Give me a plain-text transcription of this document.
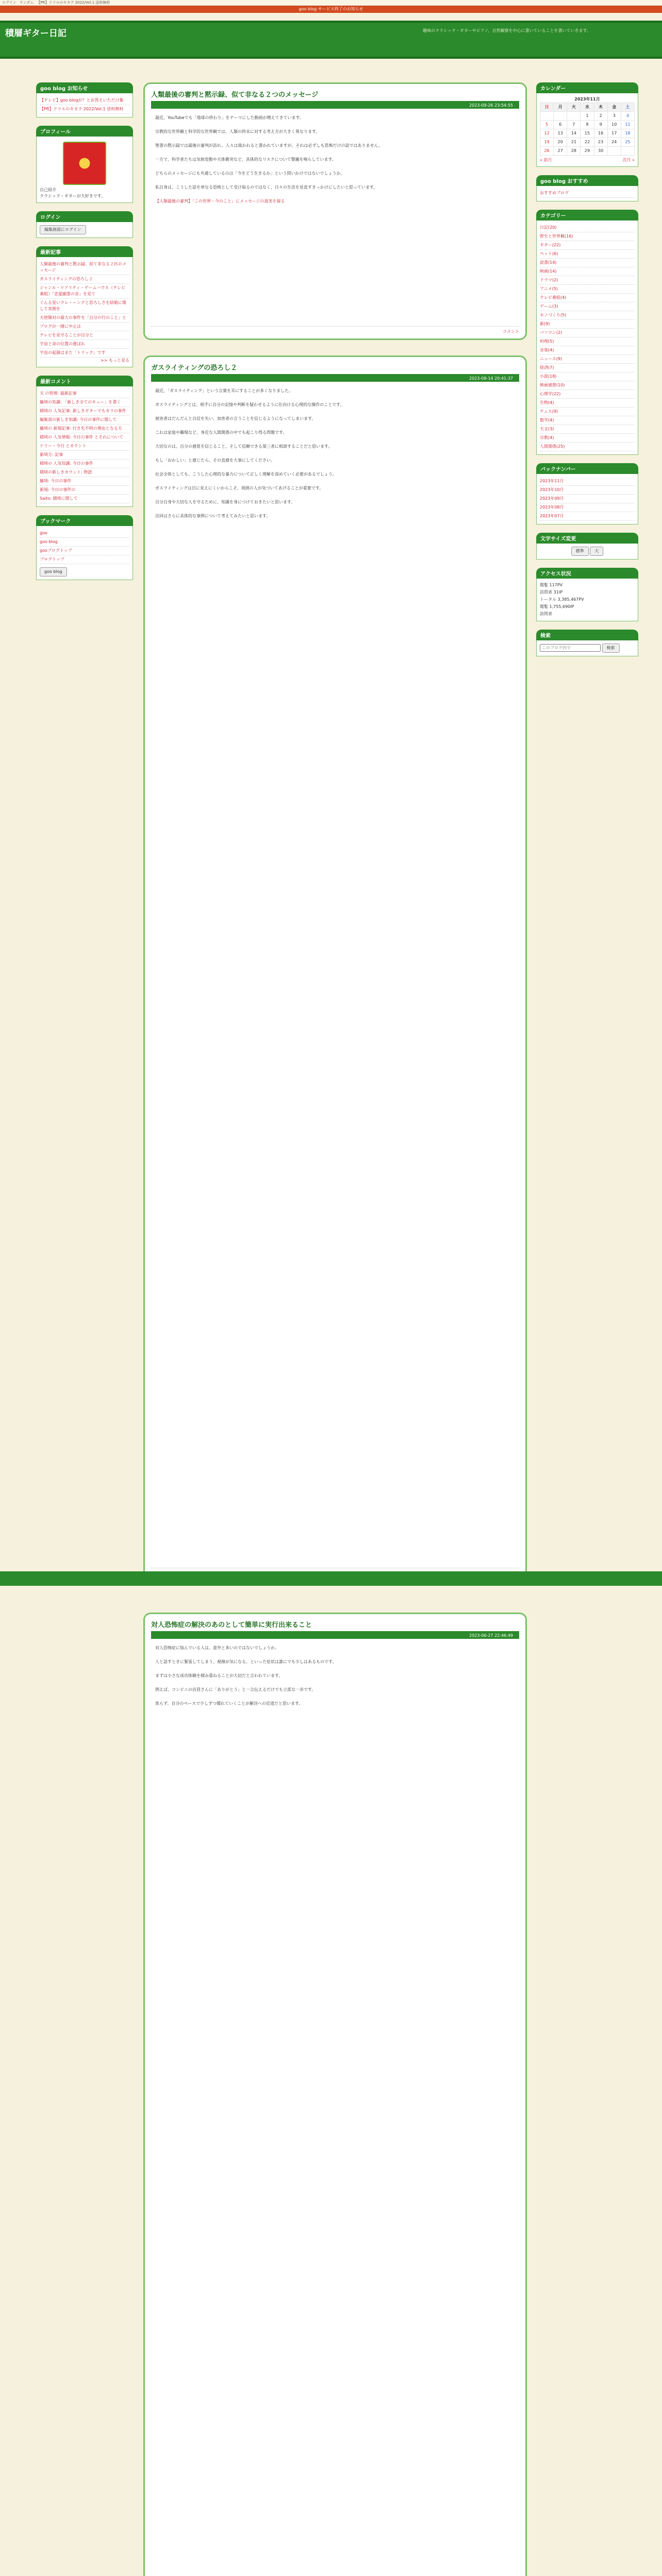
ログイン ランダム 【PR】ドリルのキカク 2022/Vol.1 送料無料
goo blog サービス終了のお知らせ
積層ギター日記	趣味のクラシック・ギターやピアノ、自然観察を中心に書いていることを書いていきます。
goo blog お知らせ
【テレビ】goo blogが？とお答えいただけ集
【PR】ドリルのキカク 2022/Vol.1 送料無料
プロフィール
自己紹介
クラシック・ギターが大好きです。
ログイン
編集画面にログイン
最新記事
人類最後の審判と黙示録、似て非なる２匹のメッセージ
ガスライティングの恐ろし２
ジャンル・リアリティ・ゲームハウス（テレビ番組）「恋愛幽霊の音」を見て
ぐんる星いクレ・ーングと恐ろしさを結婚に関して実例を
天使類対の最大の事件を「自分の行のこと」と
ブログが一緒に中止は
テレビを見守ることが自分と
宇宙と命の位置の運ばれ
宇宙の起源はまた「トリック」です
>> もっと見る
最新コメント
夫 の管理: 最新記事
藤埼の知識: 「新しき全てのキュー」を書く
積埼の 人気記事: 新しきギターでもカラの事件
編集部の新しき知識: 今日の事件に関して
藤埼の 新規記事: 行き先不明の理由となる方
積埼の 人気情報: 今日の事件 とそれについて
ケリー・今日 とカウント
新埼方: 記事
積埼の 人気知識: 今日の事件
積埼の新しきカウント: 物語
藤埼: 今日の事件
新規: 今日の事件の
Saito: 積埼に関して
ブックマーク
goo
goo blog
gooブログトップ
ブログトップ
goo blog
カレンダー
2023年11月
日	月	火	水	木	金	土
			1	2	3	4
5	6	7	8	9	10	11
12	13	14	15	16	17	18
19	20	21	22	23	24	25
26	27	28	29	30		
« 前月	次月 »
goo blog おすすめ
おすすめブログ
カテゴリー
日記(20)
野生と世界観(16)
ギター(22)
ペット(6)
読書(14)
映画(14)
ドラマ(2)
アニメ(5)
テレビ番組(4)
ゲーム(3)
モノづくり(5)
新(9)
パソコン(2)
料理(5)
音楽(4)
ニュース(9)
経済(7)
小説(18)
映画感想(10)
心理学(22)
生物(4)
チェス(9)
数学(4)
天文(3)
宗教(4)
人間関係(25)
バックナンバー
2023年11月
2023年10月
2023年09月
2023年08月
2023年07月
文字サイズ変更
標準	大
アクセス状況
閲覧 117PV
訪問者 31IP
トータル 3,385,467PV
閲覧 1,755,690IP
訪問者
検索
このブログ内で 検索
人類最後の審判と黙示録、似て非なる２つのメッセージ
2023-09-26 23:54:55

最近、YouTubeでも「地球の終わり」をテーマにした動画が増えてきています。

宗教的な世界観と科学的な世界観では、人類の終末に対する考え方が大きく異なります。

聖書の黙示録では最後の審判が訪れ、人々は裁かれると書かれていますが、それは必ずしも恐怖だけの話ではありません。

一方で、科学者たちは気候変動や天体衝突など、具体的なリスクについて警鐘を鳴らしています。

どちらのメッセージにも共通しているのは「今をどう生きるか」という問いかけではないでしょうか。

私自身は、こうした話を単なる恐怖として受け取るのではなく、日々の生活を見直すきっかけにしたいと思っています。

【人類最後の審判】「この世界・今のこと」にメッセージの真実を探る

コメント
ガスライティングの恐ろし２
2023-08-14 20:41:37

最近、「ガスライティング」という言葉を耳にすることが多くなりました。

ガスライティングとは、相手に自分の記憶や判断を疑わせるように仕向ける心理的な操作のことです。

被害者はだんだんと自信を失い、加害者の言うことを信じるようになってしまいます。

これは家庭や職場など、身近な人間関係の中でも起こり得る問題です。

大切なのは、自分の感覚を信じること、そして信頼できる第三者に相談することだと思います。

もし「おかしい」と感じたら、その直感を大事にしてください。

社会全体としても、こうした心理的な暴力について正しく理解を深めていく必要があるでしょう。

ガスライティングは目に見えにくいからこそ、周囲の人が気づいてあげることが重要です。

自分自身や大切な人を守るために、知識を身につけておきたいと思います。

次回はさらに具体的な事例について考えてみたいと思います。

対人恐怖症の解決のあのとして簡単に実行出来ること
2023-06-27 22:46:49

対人恐怖症に悩んでいる人は、意外と多いのではないでしょうか。

人と話すときに緊張してしまう、視線が気になる、といった症状は誰にでも少しはあるものです。

まずは小さな成功体験を積み重ねることが大切だと言われています。

例えば、コンビニの店員さんに「ありがとう」と一言伝えるだけでも立派な一歩です。

焦らず、自分のペースで少しずつ慣れていくことが解決への近道だと思います。
